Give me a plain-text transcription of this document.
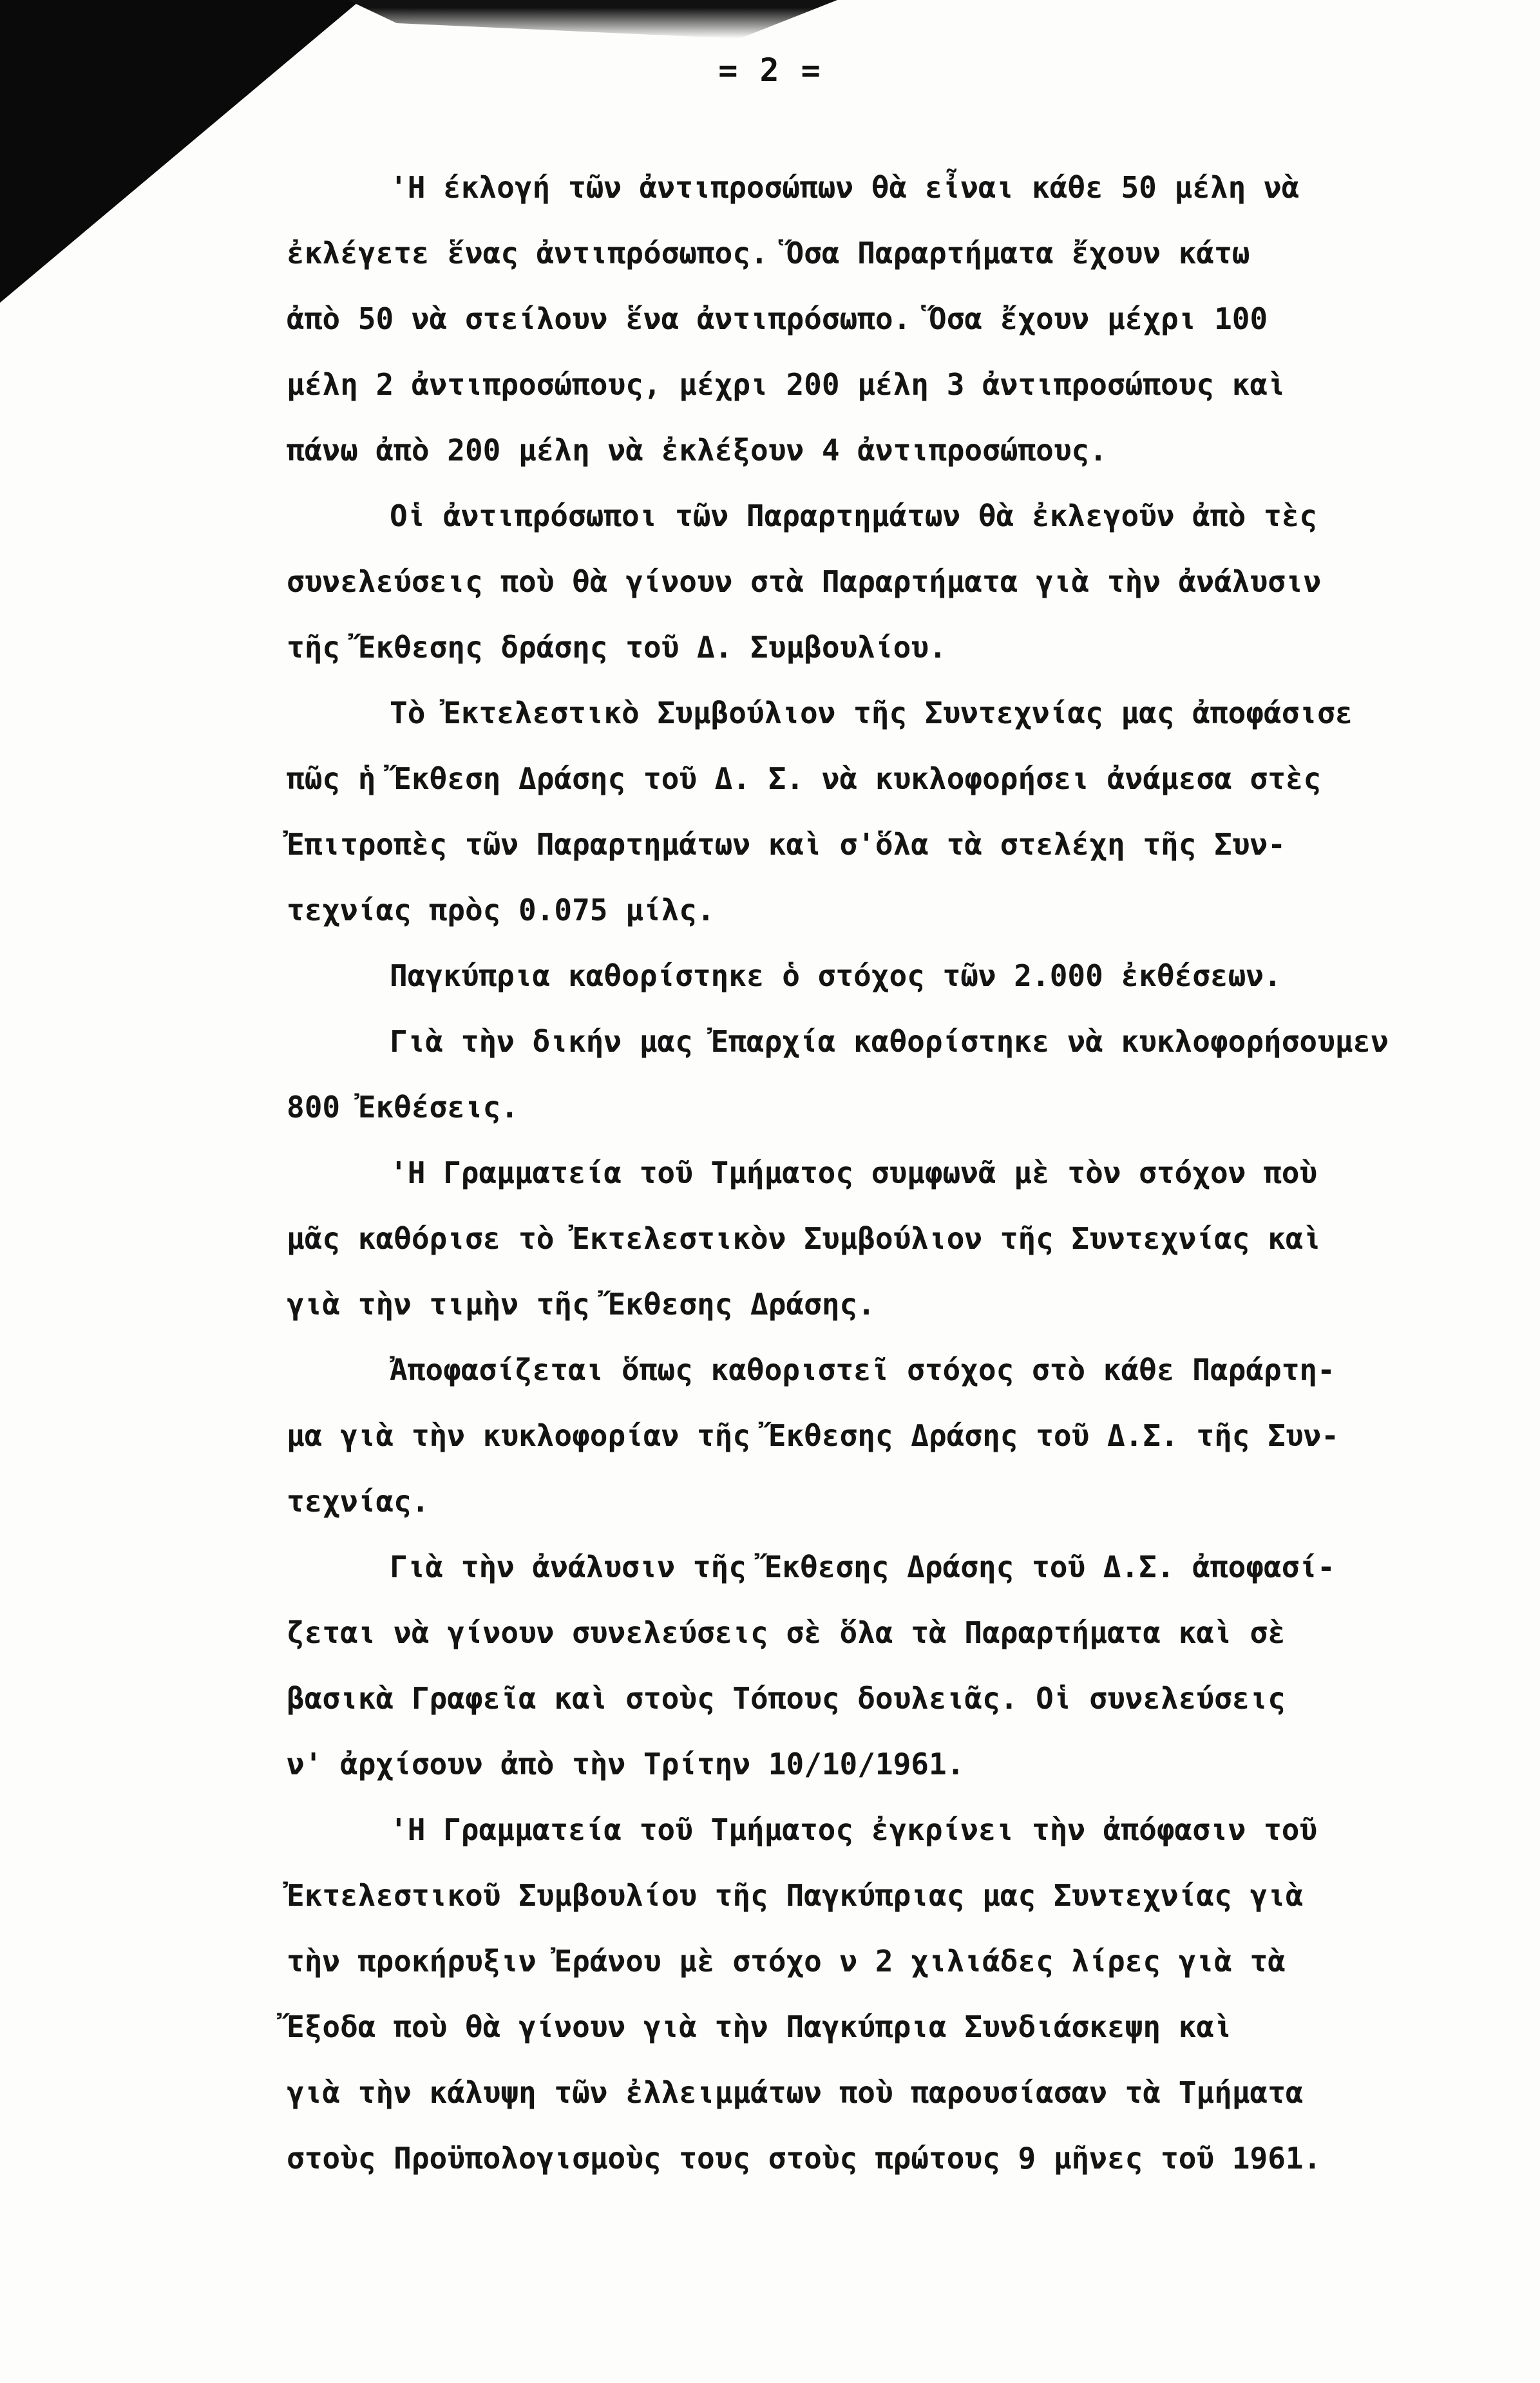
= 2 =
'Η έκλογή τῶν ἀντιπροσώπων θὰ εἶναι κάθε 50 μέλη νὰ
ἐκλέγετε ἕνας ἀντιπρόσωπος. Ὅσα Παραρτήματα ἔχουν κάτω
ἀπὸ 50 νὰ στείλουν ἕνα ἀντιπρόσωπο. Ὅσα ἔχουν μέχρι 100
μέλη 2 ἀντιπροσώπους, μέχρι 200 μέλη 3 ἀντιπροσώπους καὶ
πάνω ἀπὸ 200 μέλη νὰ ἐκλέξουν 4 ἀντιπροσώπους.
Οἱ ἀντιπρόσωποι τῶν Παραρτημάτων θὰ ἐκλεγοῦν ἀπὸ τὲς
συνελεύσεις ποὺ θὰ γίνουν στὰ Παραρτήματα γιὰ τὴν ἀνάλυσιν
τῆς Ἔκθεσης δράσης τοῦ Δ. Συμβουλίου.
Τὸ Ἐκτελεστικὸ Συμβούλιον τῆς Συντεχνίας μας ἀποφάσισε
πῶς ἡ Ἔκθεση Δράσης τοῦ Δ. Σ. νὰ κυκλοφορήσει ἀνάμεσα στὲς
Ἐπιτροπὲς τῶν Παραρτημάτων καὶ σ'ὅλα τὰ στελέχη τῆς Συν-
τεχνίας πρὸς 0.075 μίλς.
Παγκύπρια καθορίστηκε ὁ στόχος τῶν 2.000 ἐκθέσεων.
Γιὰ τὴν δικήν μας Ἐπαρχία καθορίστηκε νὰ κυκλοφορήσουμεν
800 Ἐκθέσεις.
'Η Γραμματεία τοῦ Τμήματος συμφωνᾶ μὲ τὸν στόχον ποὺ
μᾶς καθόρισε τὸ Ἐκτελεστικὸν Συμβούλιον τῆς Συντεχνίας καὶ
γιὰ τὴν τιμὴν τῆς Ἔκθεσης Δράσης.
Ἀποφασίζεται ὅπως καθοριστεῖ στόχος στὸ κάθε Παράρτη-
μα γιὰ τὴν κυκλοφορίαν τῆς Ἔκθεσης Δράσης τοῦ Δ.Σ. τῆς Συν-
τεχνίας.
Γιὰ τὴν ἀνάλυσιν τῆς Ἔκθεσης Δράσης τοῦ Δ.Σ. ἀποφασί-
ζεται νὰ γίνουν συνελεύσεις σὲ ὅλα τὰ Παραρτήματα καὶ σὲ
βασικὰ Γραφεῖα καὶ στοὺς Τόπους δουλειᾶς. Οἱ συνελεύσεις
ν' ἀρχίσουν ἀπὸ τὴν Τρίτην 10/10/1961.
'Η Γραμματεία τοῦ Τμήματος ἐγκρίνει τὴν ἀπόφασιν τοῦ
Ἐκτελεστικοῦ Συμβουλίου τῆς Παγκύπριας μας Συντεχνίας γιὰ
τὴν προκήρυξιν Ἐράνου μὲ στόχο ν 2 χιλιάδες λίρες γιὰ τὰ
Ἔξοδα ποὺ θὰ γίνουν γιὰ τὴν Παγκύπρια Συνδιάσκεψη καὶ
γιὰ τὴν κάλυψη τῶν ἐλλειμμάτων ποὺ παρουσίασαν τὰ Τμήματα
στοὺς Προϋπολογισμοὺς τους στοὺς πρώτους 9 μῆνες τοῦ 1961.
